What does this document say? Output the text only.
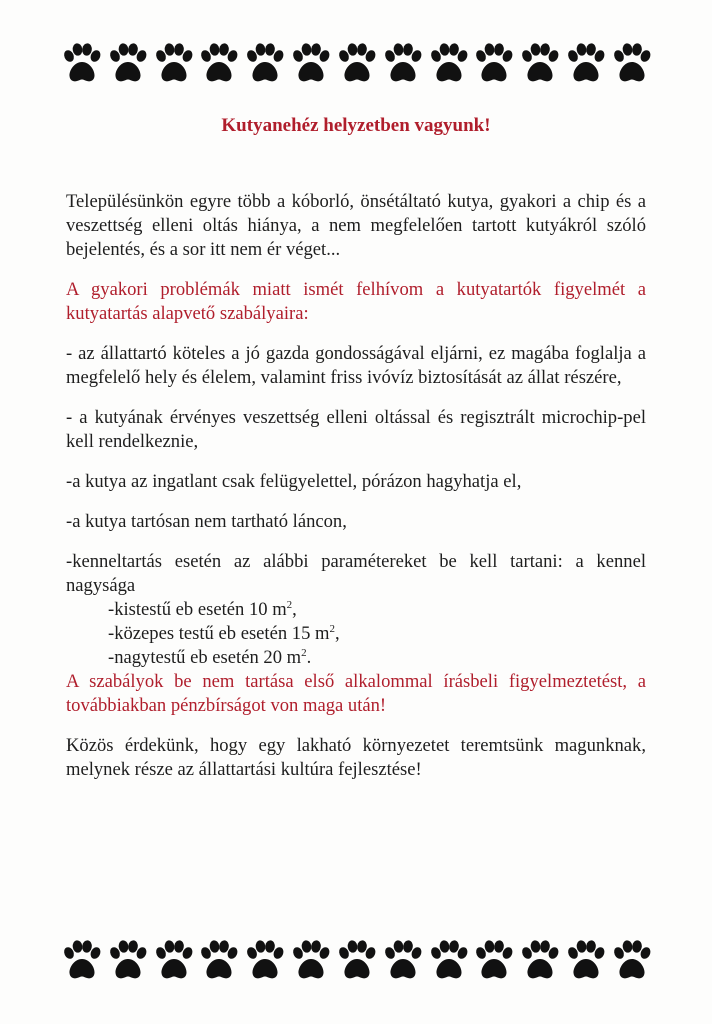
Kutyanehéz helyzetben vagyunk!

Településünkön egyre több a kóborló, önsétáltató kutya, gyakori a chip és a veszettség elleni oltás hiánya, a nem megfelelően tartott kutyákról szóló bejelentés, és a sor itt nem ér véget...

A gyakori problémák miatt ismét felhívom a kutyatartók figyelmét a kutyatartás alapvető szabályaira:

- az állattartó köteles a jó gazda gondosságával eljárni, ez magába foglalja a megfelelő hely és élelem, valamint friss ivóvíz biztosítását az állat részére,

- a kutyának érvényes veszettség elleni oltással és regisztrált microchip-pel kell rendelkeznie,

-a kutya az ingatlant csak felügyelettel, pórázon hagyhatja el,

-a kutya tartósan nem tartható láncon,

-kenneltartás esetén az alábbi paramétereket be kell tartani: a kennel nagysága

-kistestű eb esetén 10 $m^2$,
-közepes testű eb esetén 15 $m^2$,
-nagytestű eb esetén 20 $m^2$.

A szabályok be nem tartása első alkalommal írásbeli figyelmeztetést, a továbbiakban pénzbírságot von maga után!

Közös érdekünk, hogy egy lakható környezetet teremtsünk magunknak, melynek része az állattartási kultúra fejlesztése!
